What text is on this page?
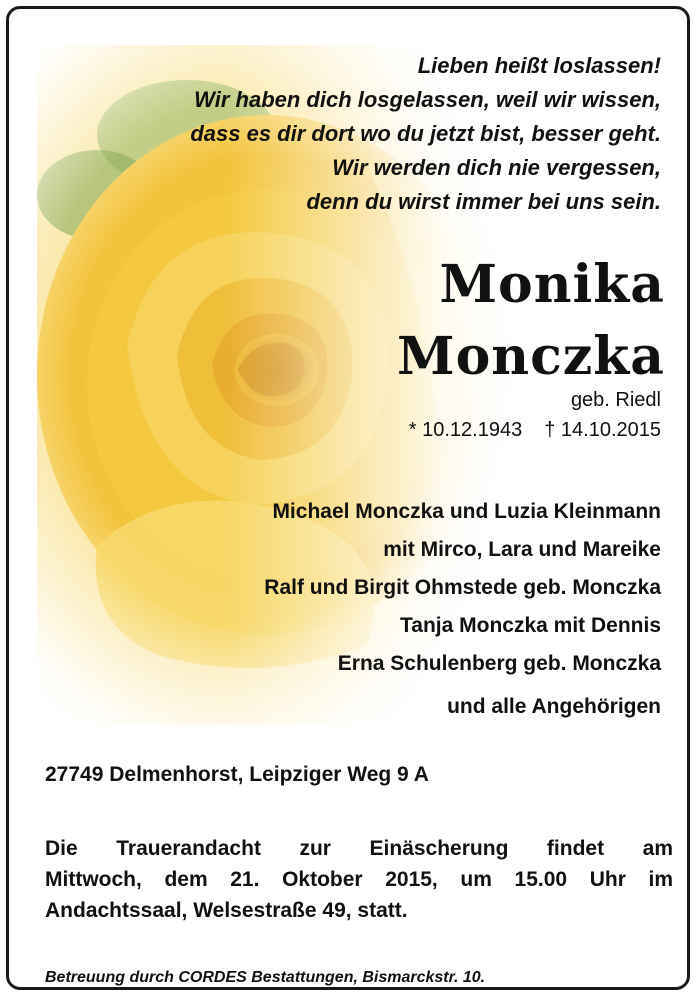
Lieben heißt loslassen!
Wir haben dich losgelassen, weil wir wissen,
dass es dir dort wo du jetzt bist, besser geht.
Wir werden dich nie vergessen,
denn du wirst immer bei uns sein.
Monika
Monczka
geb. Riedl
* 10.12.1943 † 14.10.2015
Michael Monczka und Luzia Kleinmann
mit Mirco, Lara und Mareike
Ralf und Birgit Ohmstede geb. Monczka
Tanja Monczka mit Dennis
Erna Schulenberg geb. Monczka
und alle Angehörigen
27749 Delmenhorst, Leipziger Weg 9 A
Die Trauerandacht zur Einäscherung findet am
Mittwoch, dem 21. Oktober 2015, um 15.00 Uhr im
Andachtssaal, Welsestraße 49, statt.
Betreuung durch CORDES Bestattungen, Bismarckstr. 10.
